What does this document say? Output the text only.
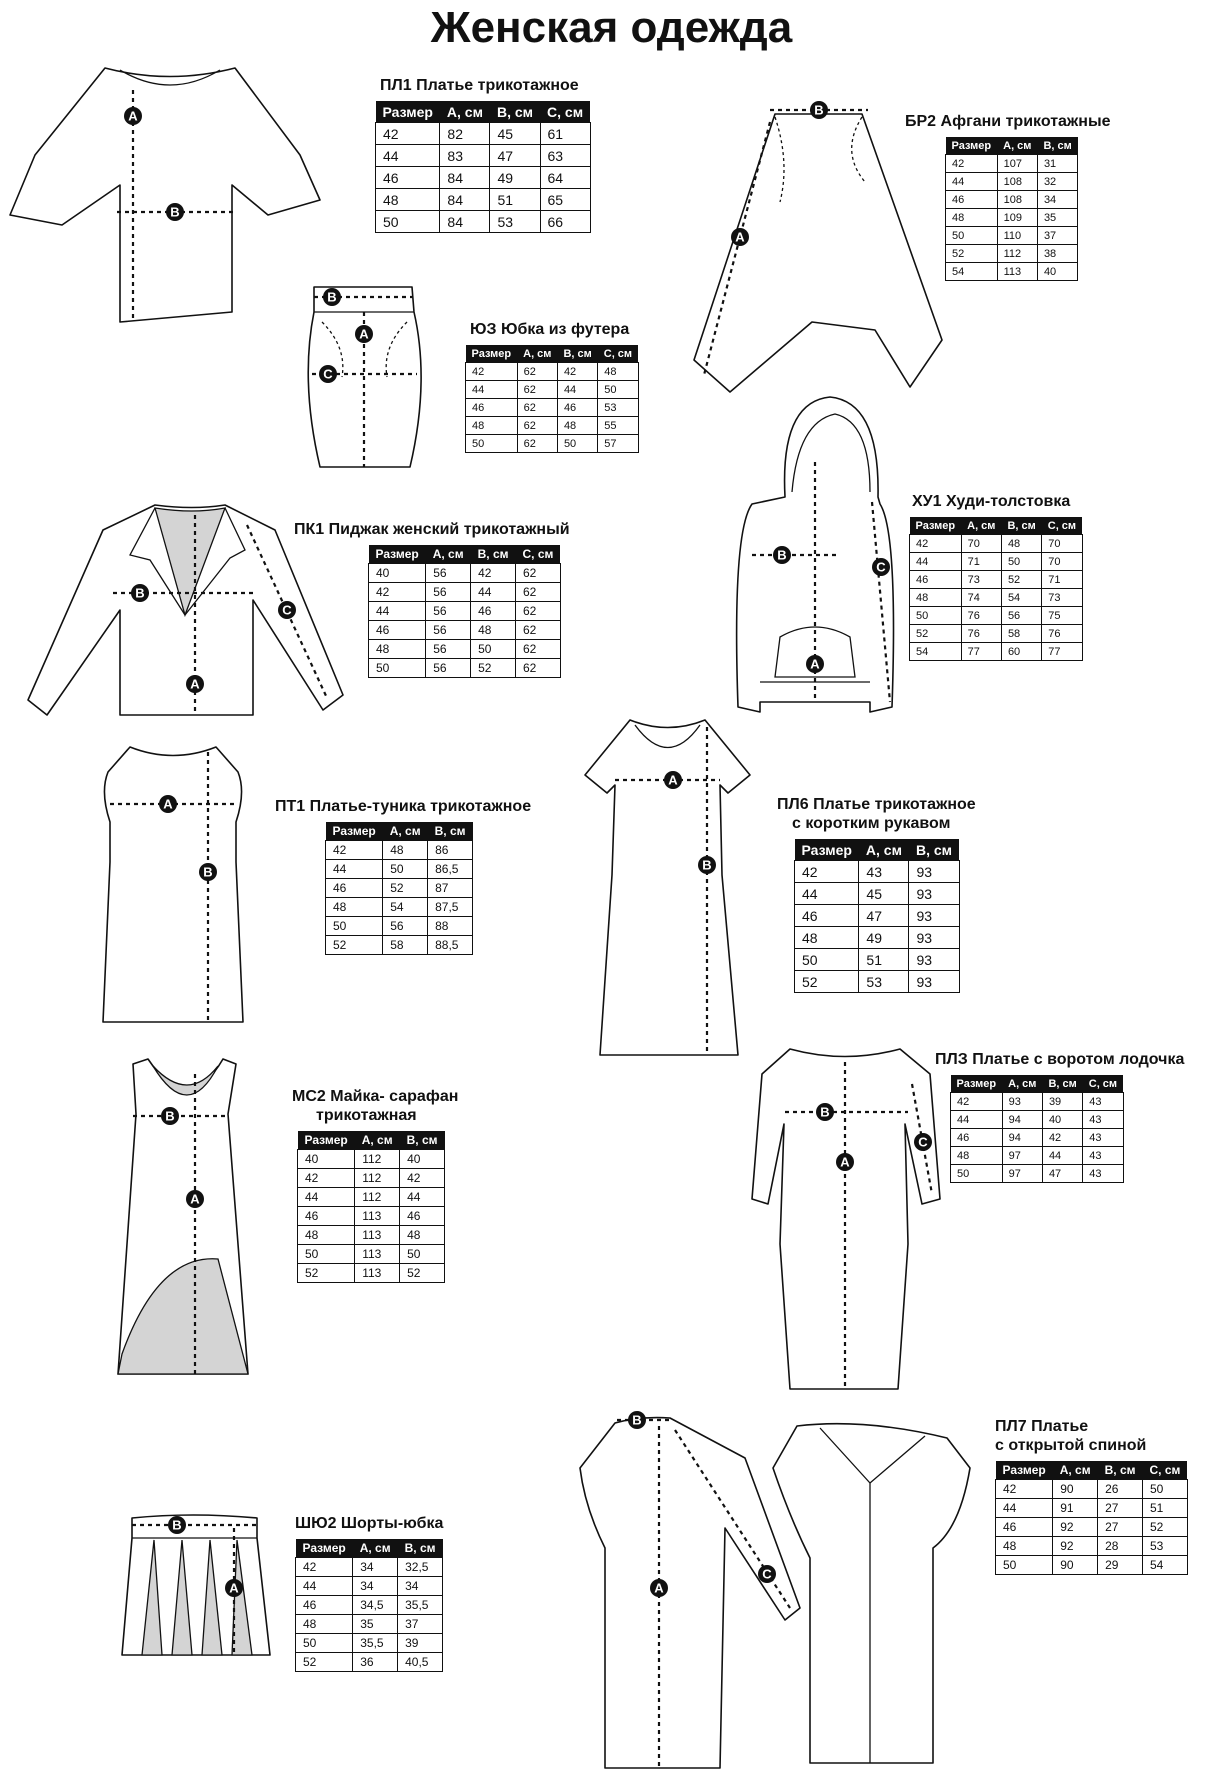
Женская одежда
A
B
A
C
B
B
A
A
B
C
A
B
C
A
B
A
B
B
A
A
B
C
B
A
C
B
A
ПЛ1 Платье трикотажное
Размер	А, см	В, см	С, см
42	82	45	61
44	83	47	63
46	84	49	64
48	84	51	65
50	84	53	66
БР2 Афгани трикотажные
Размер	А, см	В, см
42	107	31
44	108	32
46	108	34
48	109	35
50	110	37
52	112	38
54	113	40
ЮЗ Юбка из футера
Размер	А, см	В, см	С, см
42	62	42	48
44	62	44	50
46	62	46	53
48	62	48	55
50	62	50	57
ХУ1 Худи-толстовка
Размер	А, см	В, см	С, см
42	70	48	70
44	71	50	70
46	73	52	71
48	74	54	73
50	76	56	75
52	76	58	76
54	77	60	77
ПК1 Пиджак женский трикотажный
Размер	А, см	В, см	С, см
40	56	42	62
42	56	44	62
44	56	46	62
46	56	48	62
48	56	50	62
50	56	52	62
ПТ1 Платье-туника трикотажное
Размер	А, см	В, см
42	48	86
44	50	86,5
46	52	87
48	54	87,5
50	56	88
52	58	88,5
ПЛ6 Платье трикотажное
с коротким рукавом
Размер	А, см	В, см
42	43	93
44	45	93
46	47	93
48	49	93
50	51	93
52	53	93
МС2 Майка- сарафан
трикотажная
Размер	А, см	В, см
40	112	40
42	112	42
44	112	44
46	113	46
48	113	48
50	113	50
52	113	52
ПЛЗ Платье с воротом лодочка
Размер	А, см	В, см	С, см
42	93	39	43
44	94	40	43
46	94	42	43
48	97	44	43
50	97	47	43
ПЛ7 Платье
с открытой спиной
Размер	А, см	В, см	С, см
42	90	26	50
44	91	27	51
46	92	27	52
48	92	28	53
50	90	29	54
ШЮ2 Шорты-юбка
Размер	А, см	В, см
42	34	32,5
44	34	34
46	34,5	35,5
48	35	37
50	35,5	39
52	36	40,5
